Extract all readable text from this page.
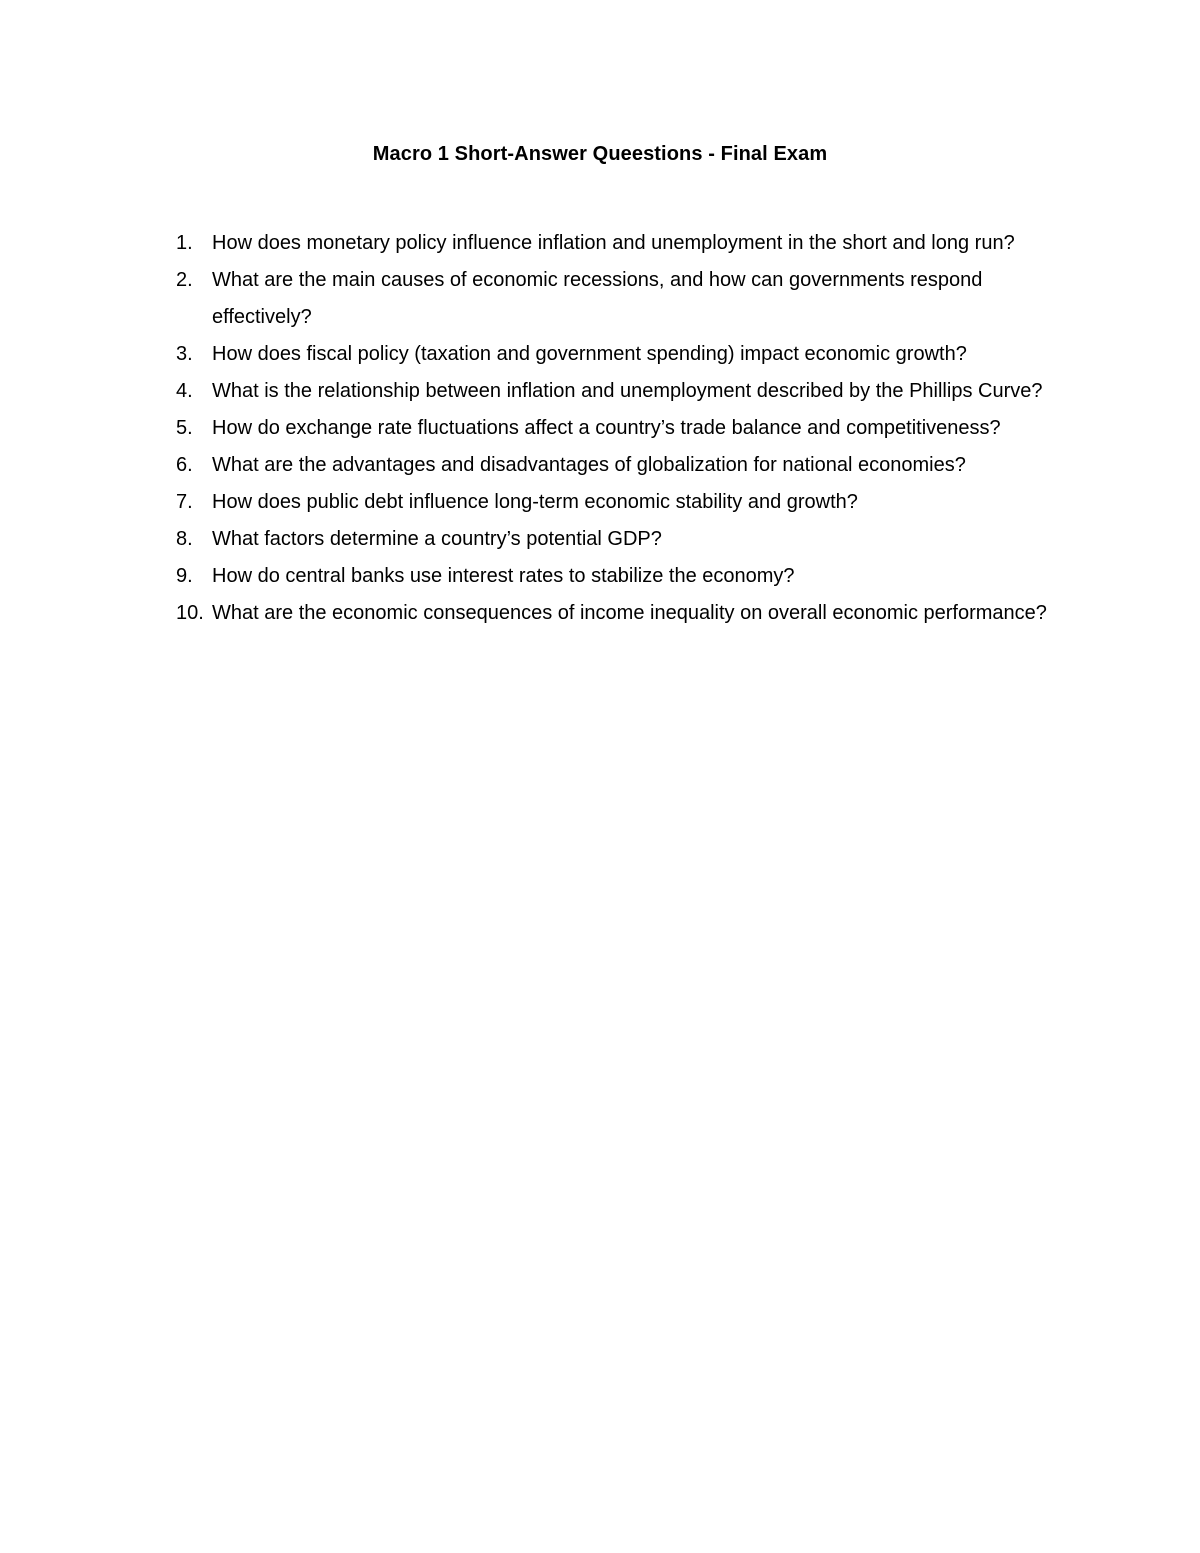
Macro 1 Short-Answer Queestions - Final Exam
1. How does monetary policy influence inflation and unemployment in the short and long run?
2. What are the main causes of economic recessions, and how can governments respond effectively?
3. How does fiscal policy (taxation and government spending) impact economic growth?
4. What is the relationship between inflation and unemployment described by the Phillips Curve?
5. How do exchange rate fluctuations affect a country’s trade balance and competitiveness?
6. What are the advantages and disadvantages of globalization for national economies?
7. How does public debt influence long-term economic stability and growth?
8. What factors determine a country’s potential GDP?
9. How do central banks use interest rates to stabilize the economy?
10. What are the economic consequences of income inequality on overall economic performance?
